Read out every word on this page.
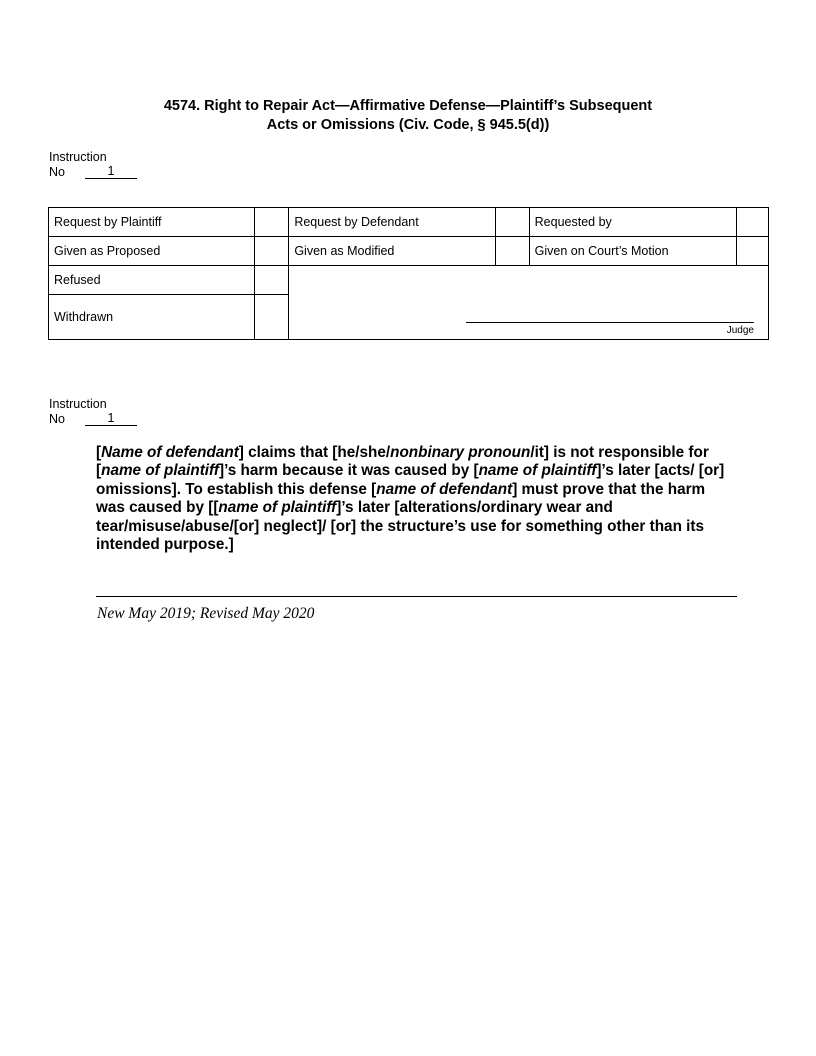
4574. Right to Repair Act—Affirmative Defense—Plaintiff’s Subsequent
Acts or Omissions (Civ. Code, § 945.5(d))
Instruction
No	1
Request by Plaintiff		Request by Defendant		Requested by	
Given as Proposed		Given as Modified		Given on Court’s Motion	
Refused		Judge			

Withdrawn					
Instruction
No	1
[Name of defendant] claims that [he/she/nonbinary pronoun/it] is not responsible for [name of plaintiff]’s harm because it was caused by [name of plaintiff]’s later [acts/ [or] omissions]. To establish this defense [name of defendant] must prove that the harm was caused by [[name of plaintiff]’s later [alterations/ordinary wear and tear/misuse/abuse/[or] neglect]/ [or] the structure’s use for something other than its intended purpose.]
New May 2019; Revised May 2020
